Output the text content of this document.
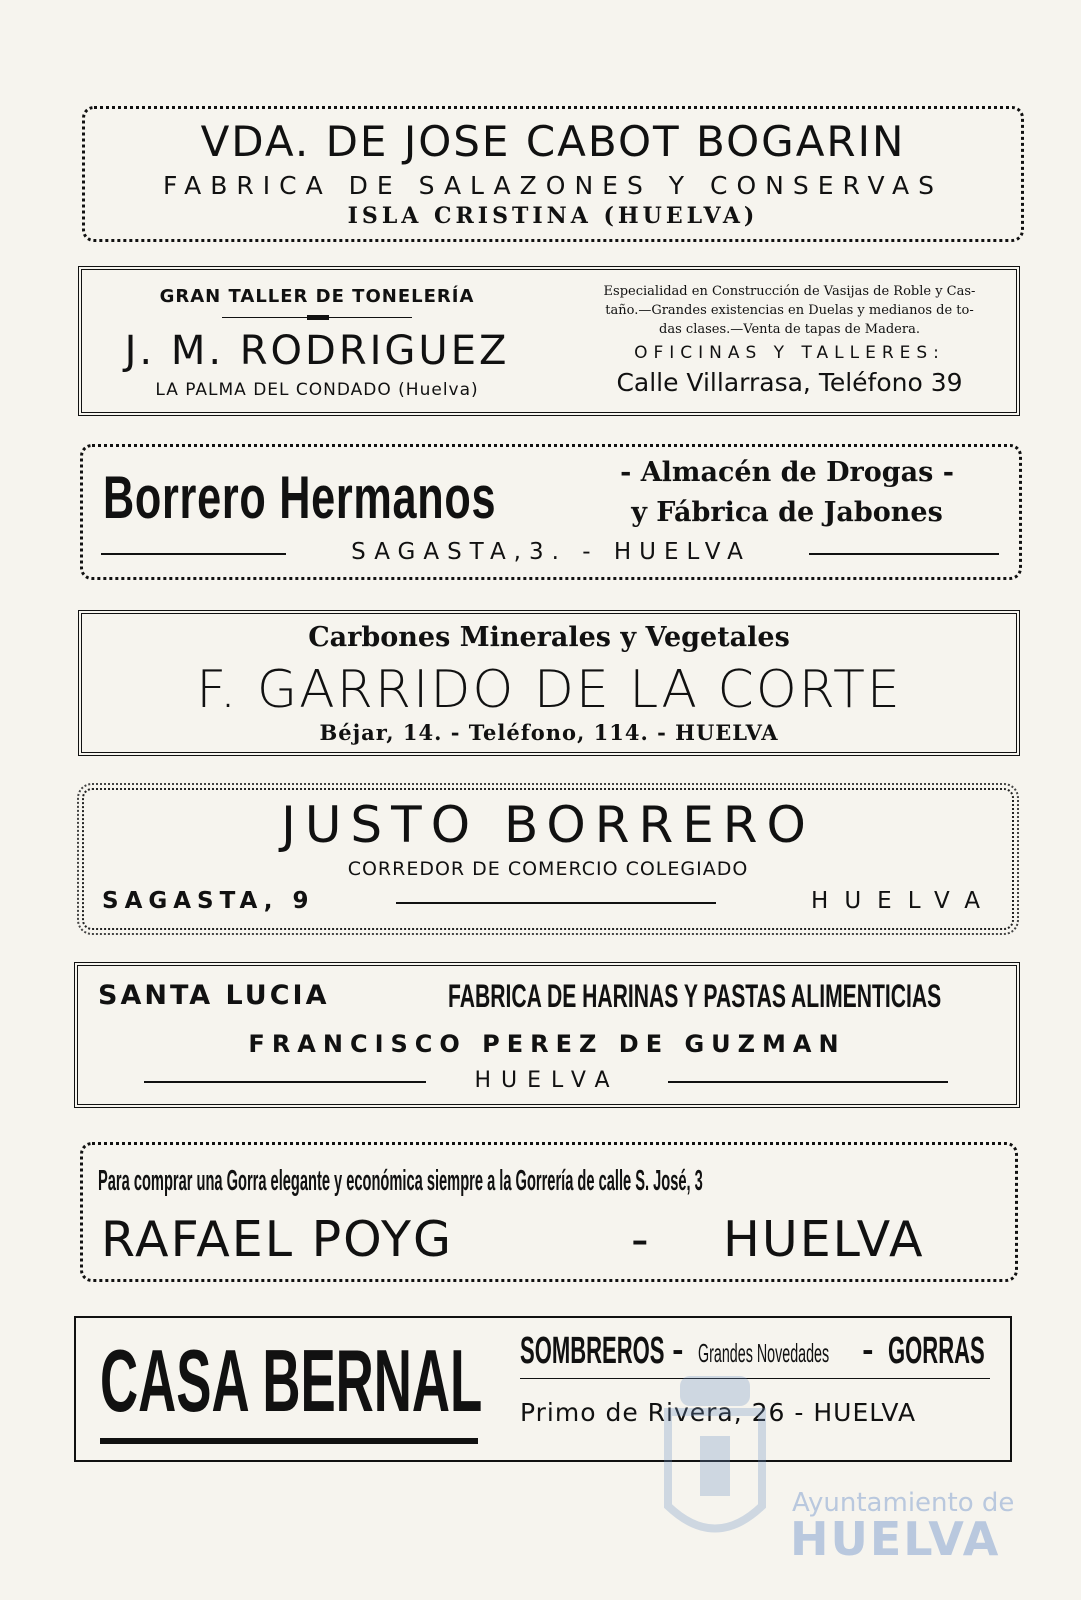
VDA. DE JOSE CABOT BOGARIN
FABRICA DE SALAZONES Y CONSERVAS
ISLA CRISTINA (HUELVA)
GRAN TALLER DE TONELERÍA
J. M. RODRIGUEZ
LA PALMA DEL CONDADO (Huelva)
Especialidad en Construcción de Vasijas de Roble y Cas-
taño.—Grandes existencias en Duelas y medianos de to-
das clases.—Venta de tapas de Madera.
OFICINAS Y TALLERES:
Calle Villarrasa, Teléfono 39
Borrero Hermanos	- Almacén de Drogas -
y Fábrica de Jabones
SAGASTA,3. - HUELVA
Carbones Minerales y Vegetales
F. GARRIDO DE LA CORTE
Béjar, 14. - Teléfono, 114. - HUELVA
JUSTO BORRERO
CORREDOR DE COMERCIO COLEGIADO
SAGASTA, 9	HUELVA
SANTA LUCIA	FABRICA DE HARINAS Y PASTAS ALIMENTICIAS
FRANCISCO PEREZ DE GUZMAN
HUELVA
Para comprar una Gorra elegante y económica siempre a la Gorrería de calle S. José, 3
RAFAEL POYG	- HUELVA
CASA BERNAL SOMBREROS - Grandes Novedades - GORRAS
Primo de Rivera, 26 - HUELVA
Ayuntamiento de
HUELVA
